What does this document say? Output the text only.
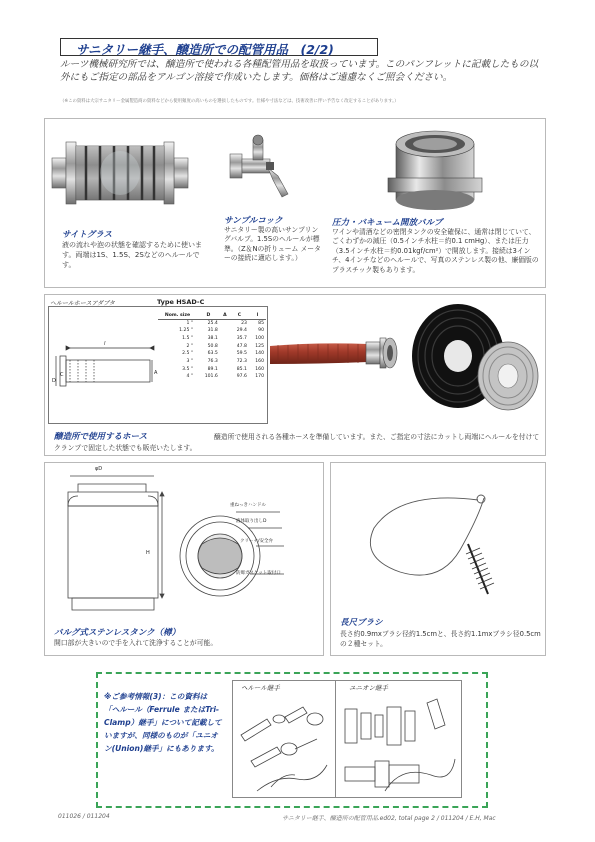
サニタリー継手、醸造所での配管用品　(2/2)
ルーツ機械研究所では、醸造所で使われる各種配管用品を取扱っています。このパンフレットに記載したもの以外にもご指定の部品をアルゴン溶接で作成いたします。価格はご遠慮なくご照会ください。
（※この資料は大宗サニタリー金属製造商の資料などから使用頻度の高いものを選抜したものです。仕様や寸法などは、技術改善に伴い予告なく改定することがあります。）
サイトグラス
液の流れや泡の状態を確認するために使います。両端は1S、1.5S、2Sなどのヘルールです。
サンプルコック
サニタリー製の高いサンプリングバルブ。1.5Sのヘルールが標準。（Z＆Nの折りューム メーターの接続に適応します。）
圧力・バキューム開放バルブ
ワインや清酒などの密閉タンクの安全確保に、通常は閉じていて、ごくわずかの減圧（0.5インチ水柱＝約0.1 cmHg）、または圧力（3.5インチ水柱＝約0.01kgf/cm²）で開放します。接続は3インチ、4インチなどのヘルールで、写真のステンレス製の他、廉価版のプラスチック製もあります。
ヘルールホースアダプタ	Type HSAD-C
l
C
D
A
Nom. size	D	A	C	l
1 "	25.4		23	85
1.25 "	31.8		29.4	90
1.5 "	38.1		35.7	100
2 "	50.8		47.8	125
2.5 "	63.5		59.5	140
3 "	76.3		72.3	160
3.5 "	89.1		85.1	160
4 "	101.6		97.6	170
醸造所で使用するホース	醸造所で使用される各種ホースを準備しています。また、ご指定の寸法にカットし両端にヘルールを付けてクランプで固定した状態でも販売いたします。
φD
H
重ねっきハンドル
液体取り出しD
クリーナ/安全弁
防爆ガスケット取付口
バルグ式ステンレスタンク（樽）
開口部が大きいので手を入れて洗浄することが可能。
長尺ブラシ
長さ約0.9mxブラシ径約1.5cmと、長さ約1.1mxブラシ径0.5cmの２種セット。
※ご参考情報(3)：この資料は「ヘルール（Ferrule またはTri-Clamp）継手」について記載していますが、同様のものが「ユニオン(Union)継手」にもあります。
ヘルール継手	ユニオン継手
011026 / 011204	サニタリー継手、醸造所の配管用品.ed02, total page 2 / 011204 / E.H, Mac
